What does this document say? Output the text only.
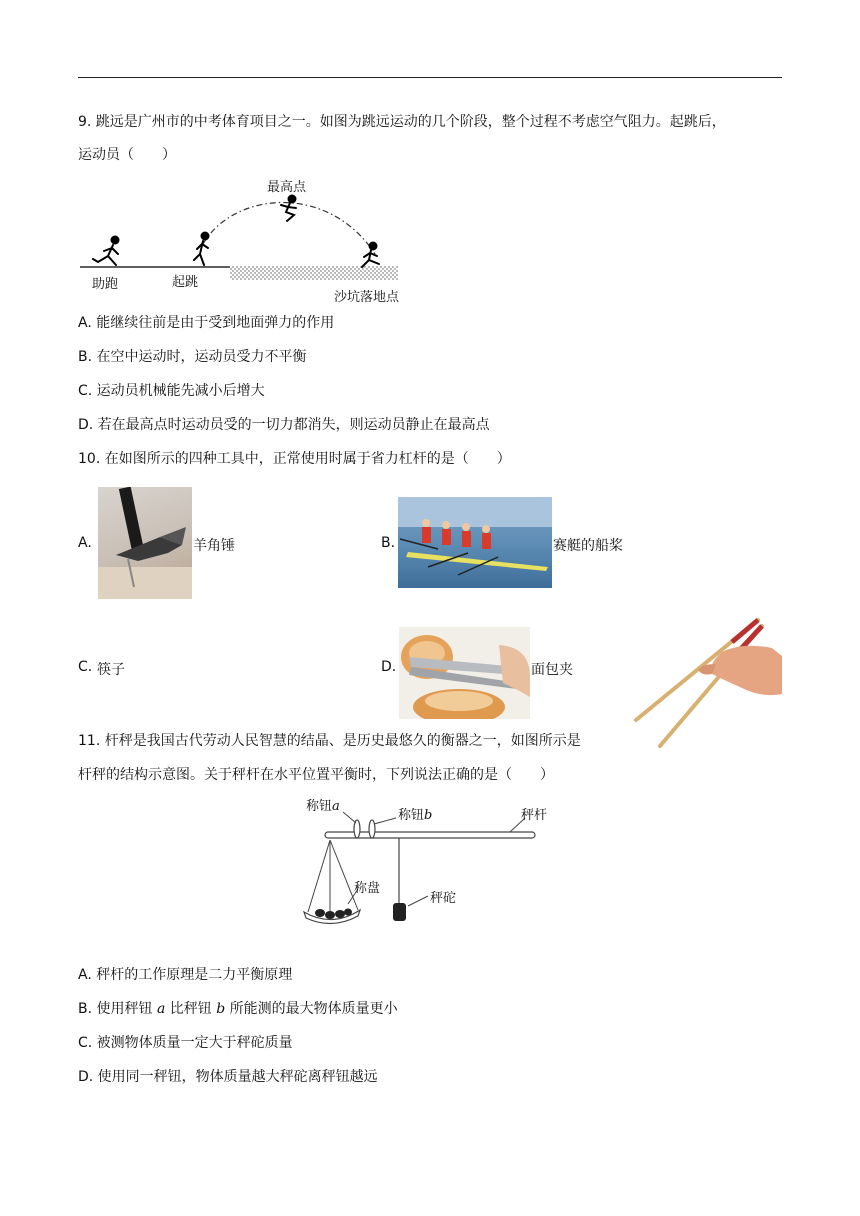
9. 跳远是广州市的中考体育项目之一。如图为跳远运动的几个阶段，整个过程不考虑空气阻力。起跳后，
运动员（　　）
最高点
助跑	起跳
沙坑落地点
A. 能继续往前是由于受到地面弹力的作用
B. 在空中运动时，运动员受力不平衡
C. 运动员机械能先减小后增大
D. 若在最高点时运动员受的一切力都消失，则运动员静止在最高点
10. 在如图所示的四种工具中，正常使用时属于省力杠杆的是（　　）
A.	羊角锤	B.	赛艇的船桨
C. 筷子	D.	面包夹
11. 杆秤是我国古代劳动人民智慧的结晶、是历史最悠久的衡器之一，如图所示是
杆秤的结构示意图。关于秤杆在水平位置平衡时，下列说法正确的是（　　）
称钮a
称钮b	秤杆
称盘
秤砣
A. 秤杆的工作原理是二力平衡原理
B. 使用秤钮 a 比秤钮 b 所能测的最大物体质量更小
C. 被测物体质量一定大于秤砣质量
D. 使用同一秤钮，物体质量越大秤砣离秤钮越远
